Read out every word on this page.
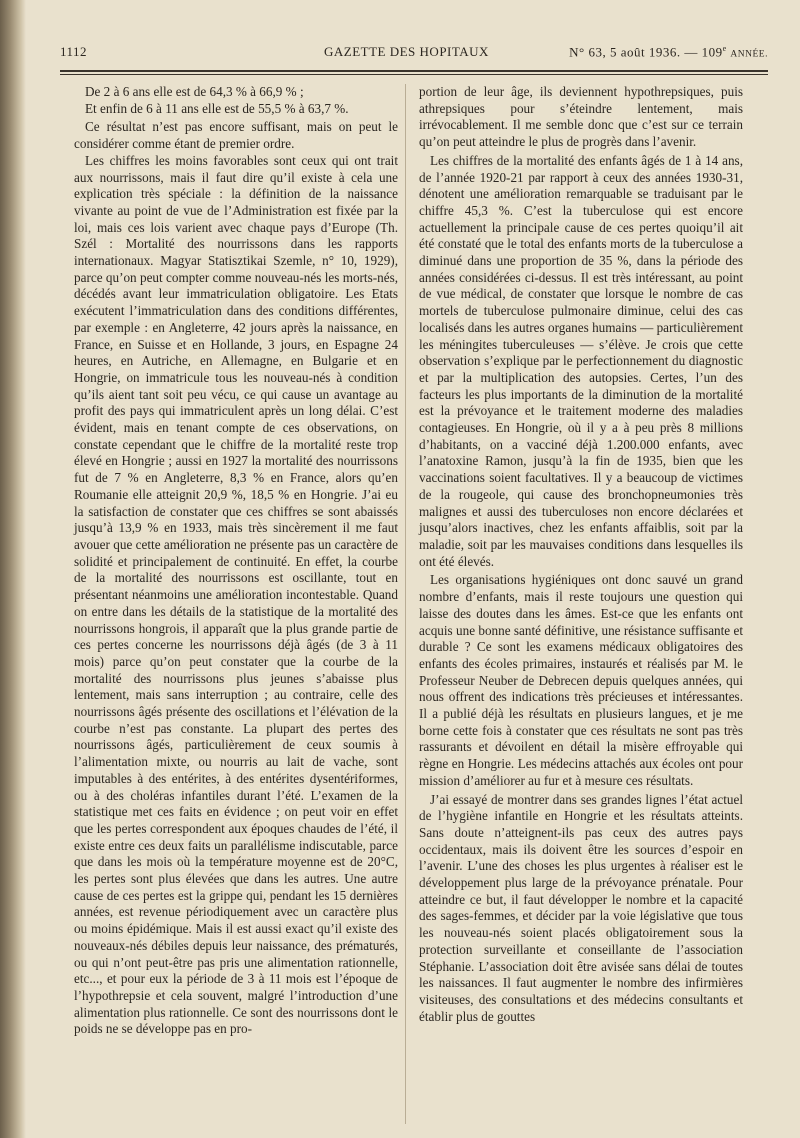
1112	GAZETTE DES HOPITAUX	N° 63, 5 août 1936. — 109e ANNÉE.

De 2 à 6 ans elle est de 64,3 % à 66,9 % ;

Et enfin de 6 à 11 ans elle est de 55,5 % à 63,7 %.

Ce résultat n’est pas encore suffisant, mais on peut le considérer comme étant de premier ordre.

Les chiffres les moins favorables sont ceux qui ont trait aux nourrissons, mais il faut dire qu’il existe à cela une explication très spéciale : la définition de la naissance vivante au point de vue de l’Administration est fixée par la loi, mais ces lois varient avec chaque pays d’Europe (Th. Szél : Mortalité des nourrissons dans les rapports internationaux. Magyar Statisztikai Szemle, n° 10, 1929), parce qu’on peut compter comme nouveau-nés les morts-nés, décédés avant leur immatriculation obligatoire. Les Etats exécutent l’immatriculation dans des conditions différentes, par exemple : en Angleterre, 42 jours après la naissance, en France, en Suisse et en Hollande, 3 jours, en Espagne 24 heures, en Autriche, en Allemagne, en Bulgarie et en Hongrie, on immatricule tous les nouveau-nés à condition qu’ils aient tant soit peu vécu, ce qui cause un avantage au profit des pays qui immatriculent après un long délai. C’est évident, mais en tenant compte de ces observations, on constate cependant que le chiffre de la mortalité reste trop élevé en Hongrie ; aussi en 1927 la mortalité des nourrissons fut de 7 % en Angleterre, 8,3 % en France, alors qu’en Roumanie elle atteignit 20,9 %, 18,5 % en Hongrie. J’ai eu la satisfaction de constater que ces chiffres se sont abaissés jusqu’à 13,9 % en 1933, mais très sincèrement il me faut avouer que cette amélioration ne présente pas un caractère de solidité et principalement de continuité. En effet, la courbe de la mortalité des nourrissons est oscillante, tout en présentant néanmoins une amélioration incontestable. Quand on entre dans les détails de la statistique de la mortalité des nourrissons hongrois, il apparaît que la plus grande partie de ces pertes concerne les nourrissons déjà âgés (de 3 à 11 mois) parce qu’on peut constater que la courbe de la mortalité des nourrissons plus jeunes s’abaisse plus lentement, mais sans interruption ; au contraire, celle des nourrissons âgés présente des oscillations et l’élévation de la courbe n’est pas constante. La plupart des pertes des nourrissons âgés, particulièrement de ceux soumis à l’alimentation mixte, ou nourris au lait de vache, sont imputables à des entérites, à des entérites dysentériformes, ou à des choléras infantiles durant l’été. L’examen de la statistique met ces faits en évidence ; on peut voir en effet que les pertes correspondent aux époques chaudes de l’été, il existe entre ces deux faits un parallélisme indiscutable, parce que dans les mois où la température moyenne est de 20°C, les pertes sont plus élevées que dans les autres. Une autre cause de ces pertes est la grippe qui, pendant les 15 dernières années, est revenue périodiquement avec un caractère plus ou moins épidémique. Mais il est aussi exact qu’il existe des nouveaux-nés débiles depuis leur naissance, des prématurés, ou qui n’ont peut-être pas pris une alimentation rationnelle, etc..., et pour eux la période de 3 à 11 mois est l’époque de l’hypothrepsie et cela souvent, malgré l’introduction d’une alimentation plus rationnelle. Ce sont des nourrissons dont le poids ne se développe pas en pro-

portion de leur âge, ils deviennent hypothrepsiques, puis athrepsiques pour s’éteindre lentement, mais irrévocablement. Il me semble donc que c’est sur ce terrain qu’on peut atteindre le plus de progrès dans l’avenir.

Les chiffres de la mortalité des enfants âgés de 1 à 14 ans, de l’année 1920-21 par rapport à ceux des années 1930-31, dénotent une amélioration remarquable se traduisant par le chiffre 45,3 %. C’est la tuberculose qui est encore actuellement la principale cause de ces pertes quoiqu’il ait été constaté que le total des enfants morts de la tuberculose a diminué dans une proportion de 35 %, dans la période des années considérées ci-dessus. Il est très intéressant, au point de vue médical, de constater que lorsque le nombre de cas mortels de tuberculose pulmonaire diminue, celui des cas localisés dans les autres organes humains — particulièrement les méningites tuberculeuses — s’élève. Je crois que cette observation s’explique par le perfectionnement du diagnostic et par la multiplication des autopsies. Certes, l’un des facteurs les plus importants de la diminution de la mortalité est la prévoyance et le traitement moderne des maladies contagieuses. En Hongrie, où il y a à peu près 8 millions d’habitants, on a vacciné déjà 1.200.000 enfants, avec l’anatoxine Ramon, jusqu’à la fin de 1935, bien que les vaccinations soient facultatives. Il y a beaucoup de victimes de la rougeole, qui cause des bronchopneumonies très malignes et aussi des tuberculoses non encore déclarées et jusqu’alors inactives, chez les enfants affaiblis, soit par la maladie, soit par les mauvaises conditions dans lesquelles ils ont été élevés.

Les organisations hygiéniques ont donc sauvé un grand nombre d’enfants, mais il reste toujours une question qui laisse des doutes dans les âmes. Est-ce que les enfants ont acquis une bonne santé définitive, une résistance suffisante et durable ? Ce sont les examens médicaux obligatoires des enfants des écoles primaires, instaurés et réalisés par M. le Professeur Neuber de Debrecen depuis quelques années, qui nous offrent des indications très précieuses et intéressantes. Il a publié déjà les résultats en plusieurs langues, et je me borne cette fois à constater que ces résultats ne sont pas très rassurants et dévoilent en détail la misère effroyable qui règne en Hongrie. Les médecins attachés aux écoles ont pour mission d’améliorer au fur et à mesure ces résultats.

J’ai essayé de montrer dans ses grandes lignes l’état actuel de l’hygiène infantile en Hongrie et les résultats atteints. Sans doute n’atteignent-ils pas ceux des autres pays occidentaux, mais ils doivent être les sources d’espoir en l’avenir. L’une des choses les plus urgentes à réaliser est le développement plus large de la prévoyance prénatale. Pour atteindre ce but, il faut développer le nombre et la capacité des sages-femmes, et décider par la voie législative que tous les nouveau-nés soient placés obligatoirement sous la protection surveillante et conseillante de l’association Stéphanie. L’association doit être avisée sans délai de toutes les naissances. Il faut augmenter le nombre des infirmières visiteuses, des consultations et des médecins consultants et établir plus de gouttes
